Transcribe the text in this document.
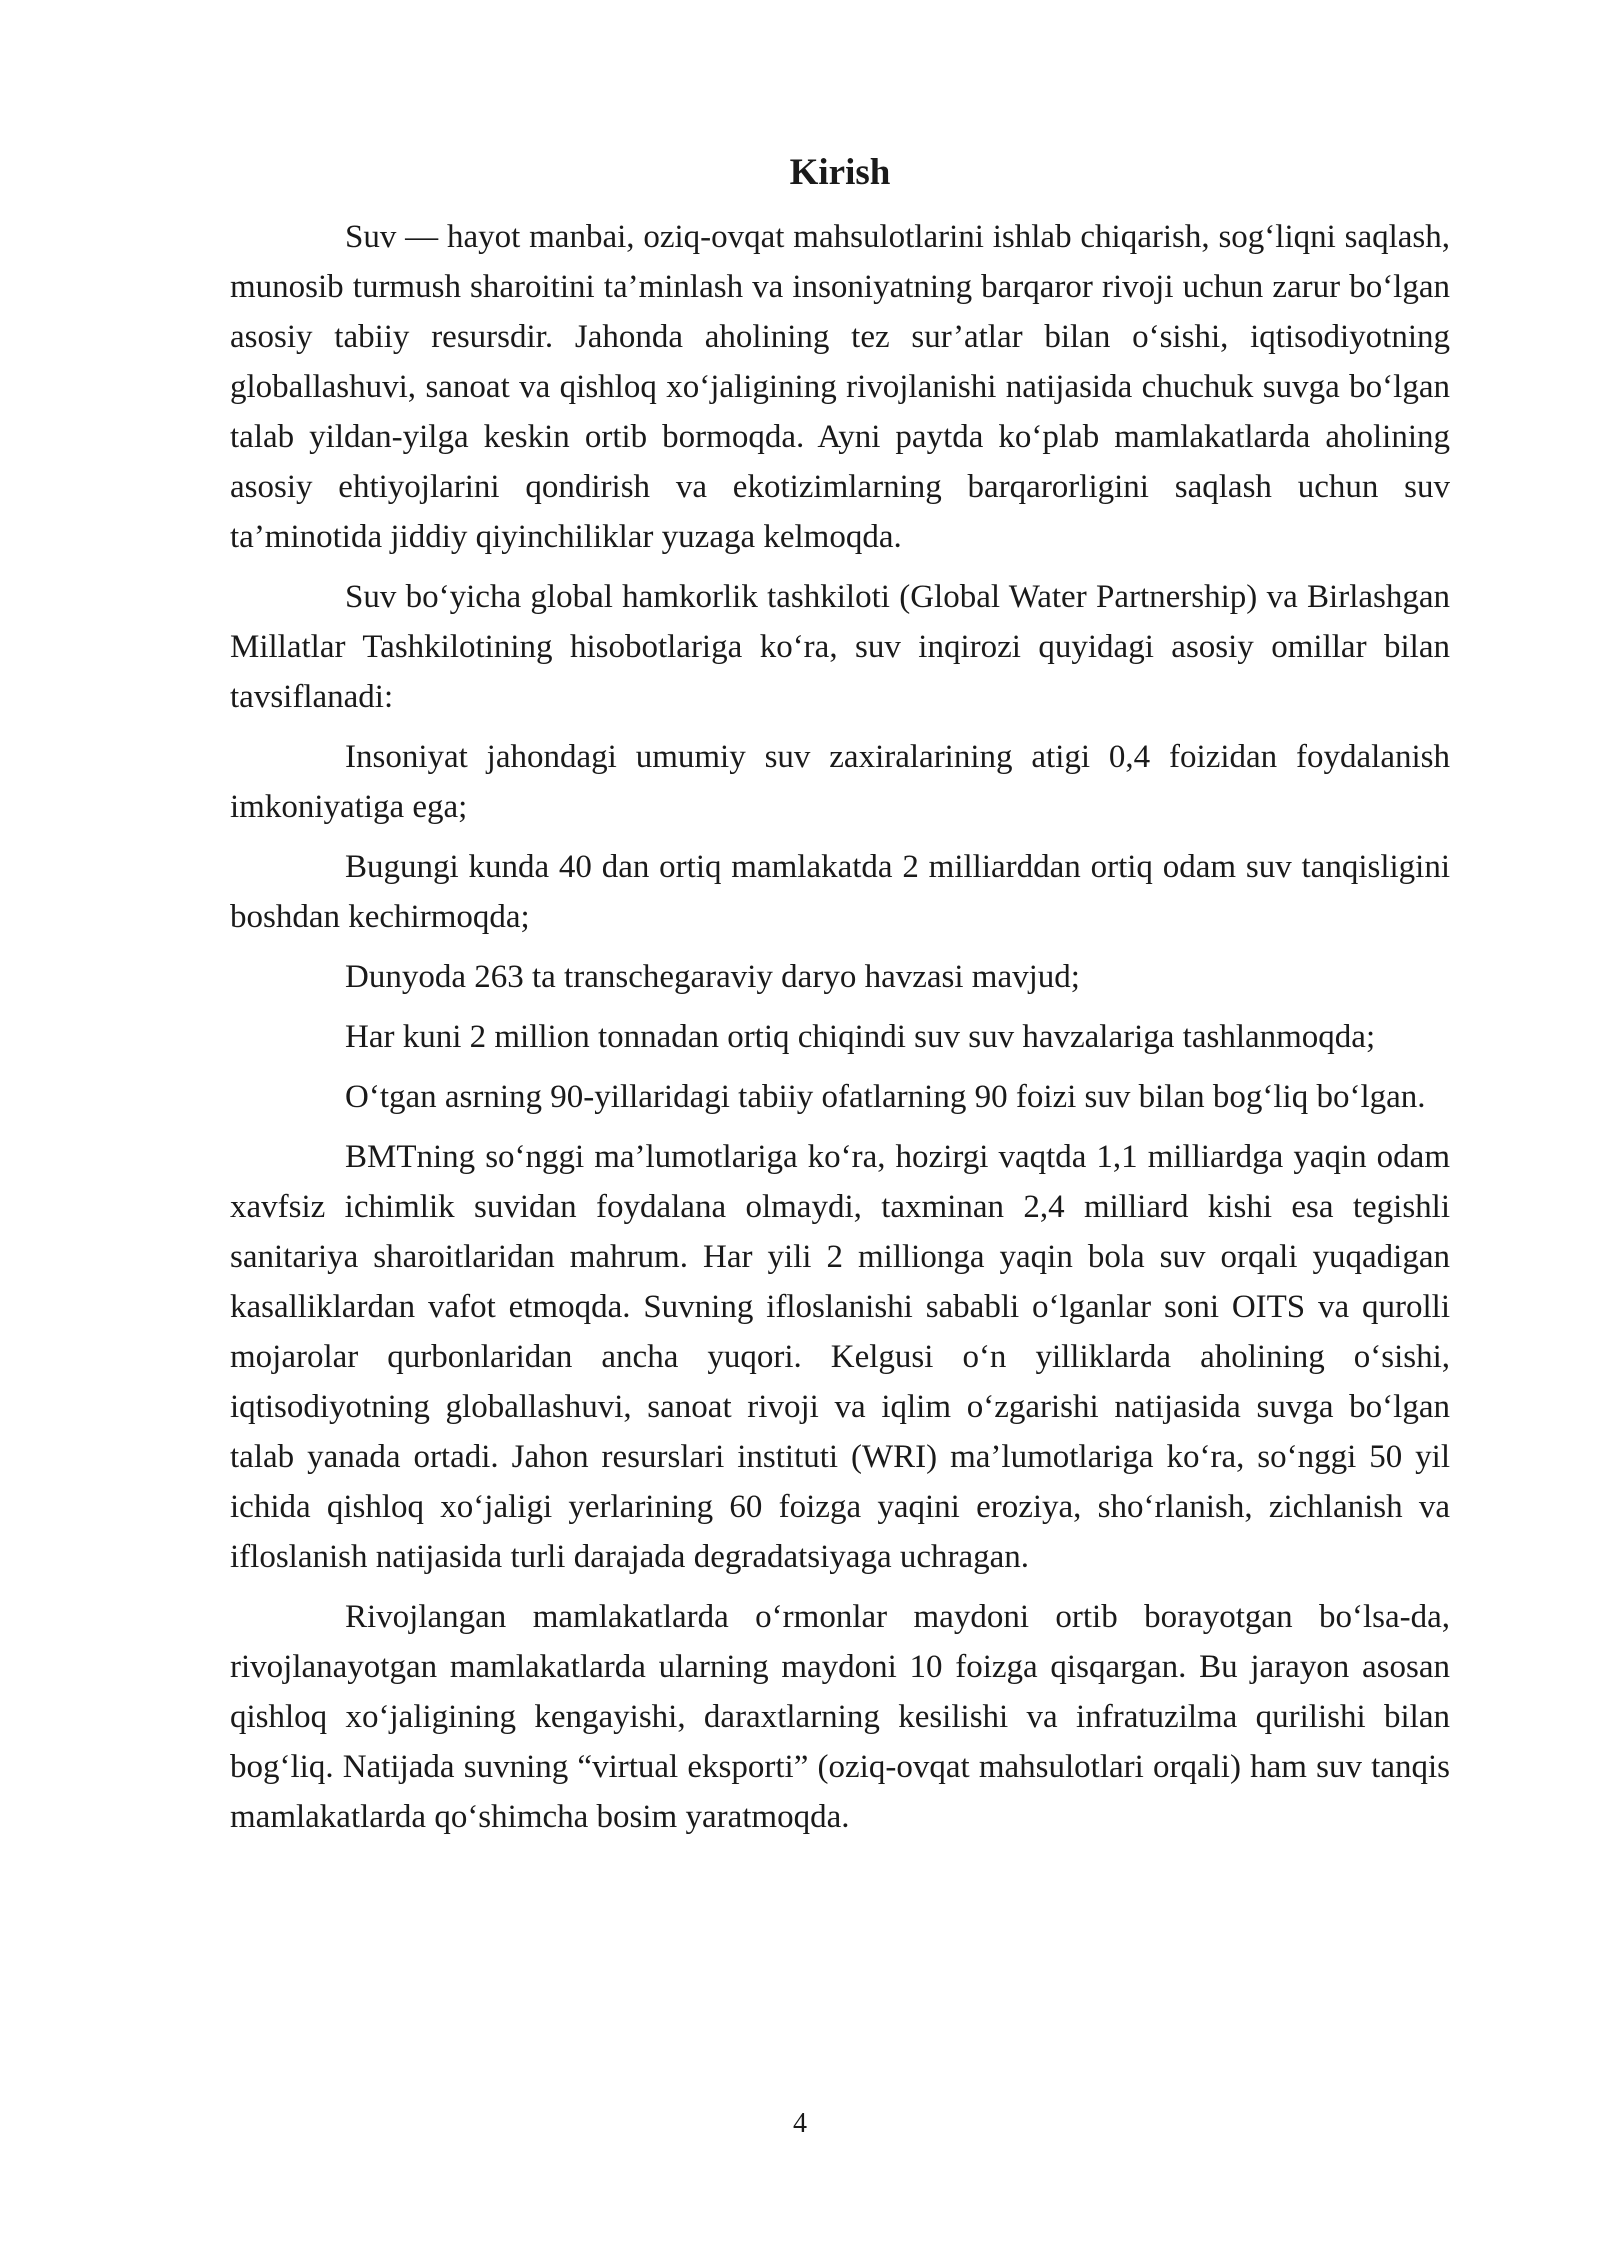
Kirish

Suv — hayot manbai, oziq-ovqat mahsulotlarini ishlab chiqarish, sog‘liqni saqlash, munosib turmush sharoitini ta’minlash va insoniyatning barqaror rivoji uchun zarur bo‘lgan asosiy tabiiy resursdir. Jahonda aholining tez sur’atlar bilan o‘sishi, iqtisodiyotning globallashuvi, sanoat va qishloq xo‘jaligining rivojlanishi natijasida chuchuk suvga bo‘lgan talab yildan-yilga keskin ortib bormoqda. Ayni paytda ko‘plab mamlakatlarda aholining asosiy ehtiyojlarini qondirish va ekotizimlarning barqarorligini saqlash uchun suv ta’minotida jiddiy qiyinchiliklar yuzaga kelmoqda.

Suv bo‘yicha global hamkorlik tashkiloti (Global Water Partnership) va Birlashgan Millatlar Tashkilotining hisobotlariga ko‘ra, suv inqirozi quyidagi asosiy omillar bilan tavsiflanadi:

Insoniyat jahondagi umumiy suv zaxiralarining atigi 0,4 foizidan foydalanish imkoniyatiga ega;

Bugungi kunda 40 dan ortiq mamlakatda 2 milliarddan ortiq odam suv tanqisligini boshdan kechirmoqda;

Dunyoda 263 ta transchegaraviy daryo havzasi mavjud;

Har kuni 2 million tonnadan ortiq chiqindi suv suv havzalariga tashlanmoqda;

O‘tgan asrning 90-yillaridagi tabiiy ofatlarning 90 foizi suv bilan bog‘liq bo‘lgan.

BMTning so‘nggi ma’lumotlariga ko‘ra, hozirgi vaqtda 1,1 milliardga yaqin odam xavfsiz ichimlik suvidan foydalana olmaydi, taxminan 2,4 milliard kishi esa tegishli sanitariya sharoitlaridan mahrum. Har yili 2 millionga yaqin bola suv orqali yuqadigan kasalliklardan vafot etmoqda. Suvning ifloslanishi sababli o‘lganlar soni OITS va qurolli mojarolar qurbonlaridan ancha yuqori. Kelgusi o‘n yilliklarda aholining o‘sishi, iqtisodiyotning globallashuvi, sanoat rivoji va iqlim o‘zgarishi natijasida suvga bo‘lgan talab yanada ortadi. Jahon resurslari instituti (WRI) ma’lumotlariga ko‘ra, so‘nggi 50 yil ichida qishloq xo‘jaligi yerlarining 60 foizga yaqini eroziya, sho‘rlanish, zichlanish va ifloslanish natijasida turli darajada degradatsiyaga uchragan.

Rivojlangan mamlakatlarda o‘rmonlar maydoni ortib borayotgan bo‘lsa-da, rivojlanayotgan mamlakatlarda ularning maydoni 10 foizga qisqargan. Bu jarayon asosan qishloq xo‘jaligining kengayishi, daraxtlarning kesilishi va infratuzilma qurilishi bilan bog‘liq. Natijada suvning “virtual eksporti” (oziq-ovqat mahsulotlari orqali) ham suv tanqis mamlakatlarda qo‘shimcha bosim yaratmoqda.

4
